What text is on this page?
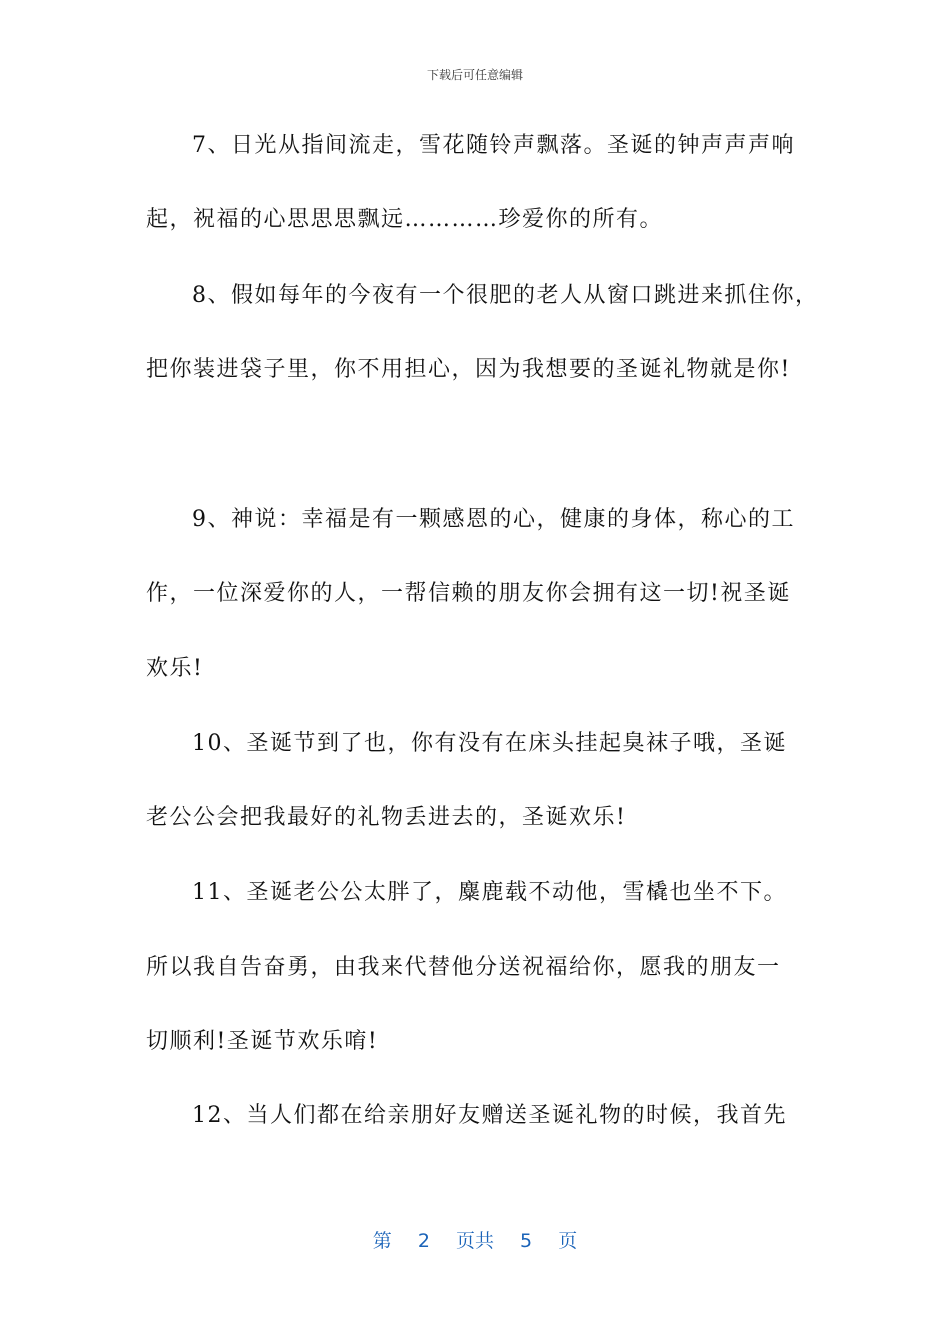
下载后可任意编辑
7、日光从指间流走，雪花随铃声飘落。圣诞的钟声声声响
起，祝福的心思思思飘远…………珍爱你的所有。
8、假如每年的今夜有一个很肥的老人从窗口跳进来抓住你，
把你装进袋子里，你不用担心，因为我想要的圣诞礼物就是你!
9、神说：幸福是有一颗感恩的心，健康的身体，称心的工
作，一位深爱你的人，一帮信赖的朋友你会拥有这一切!祝圣诞
欢乐!
10、圣诞节到了也，你有没有在床头挂起臭袜子哦，圣诞
老公公会把我最好的礼物丢进去的，圣诞欢乐!
11、圣诞老公公太胖了，麋鹿载不动他，雪橇也坐不下。
所以我自告奋勇，由我来代替他分送祝福给你，愿我的朋友一
切顺利!圣诞节欢乐唷!
12、当人们都在给亲朋好友赠送圣诞礼物的时候，我首先
第 2 页共 5 页
